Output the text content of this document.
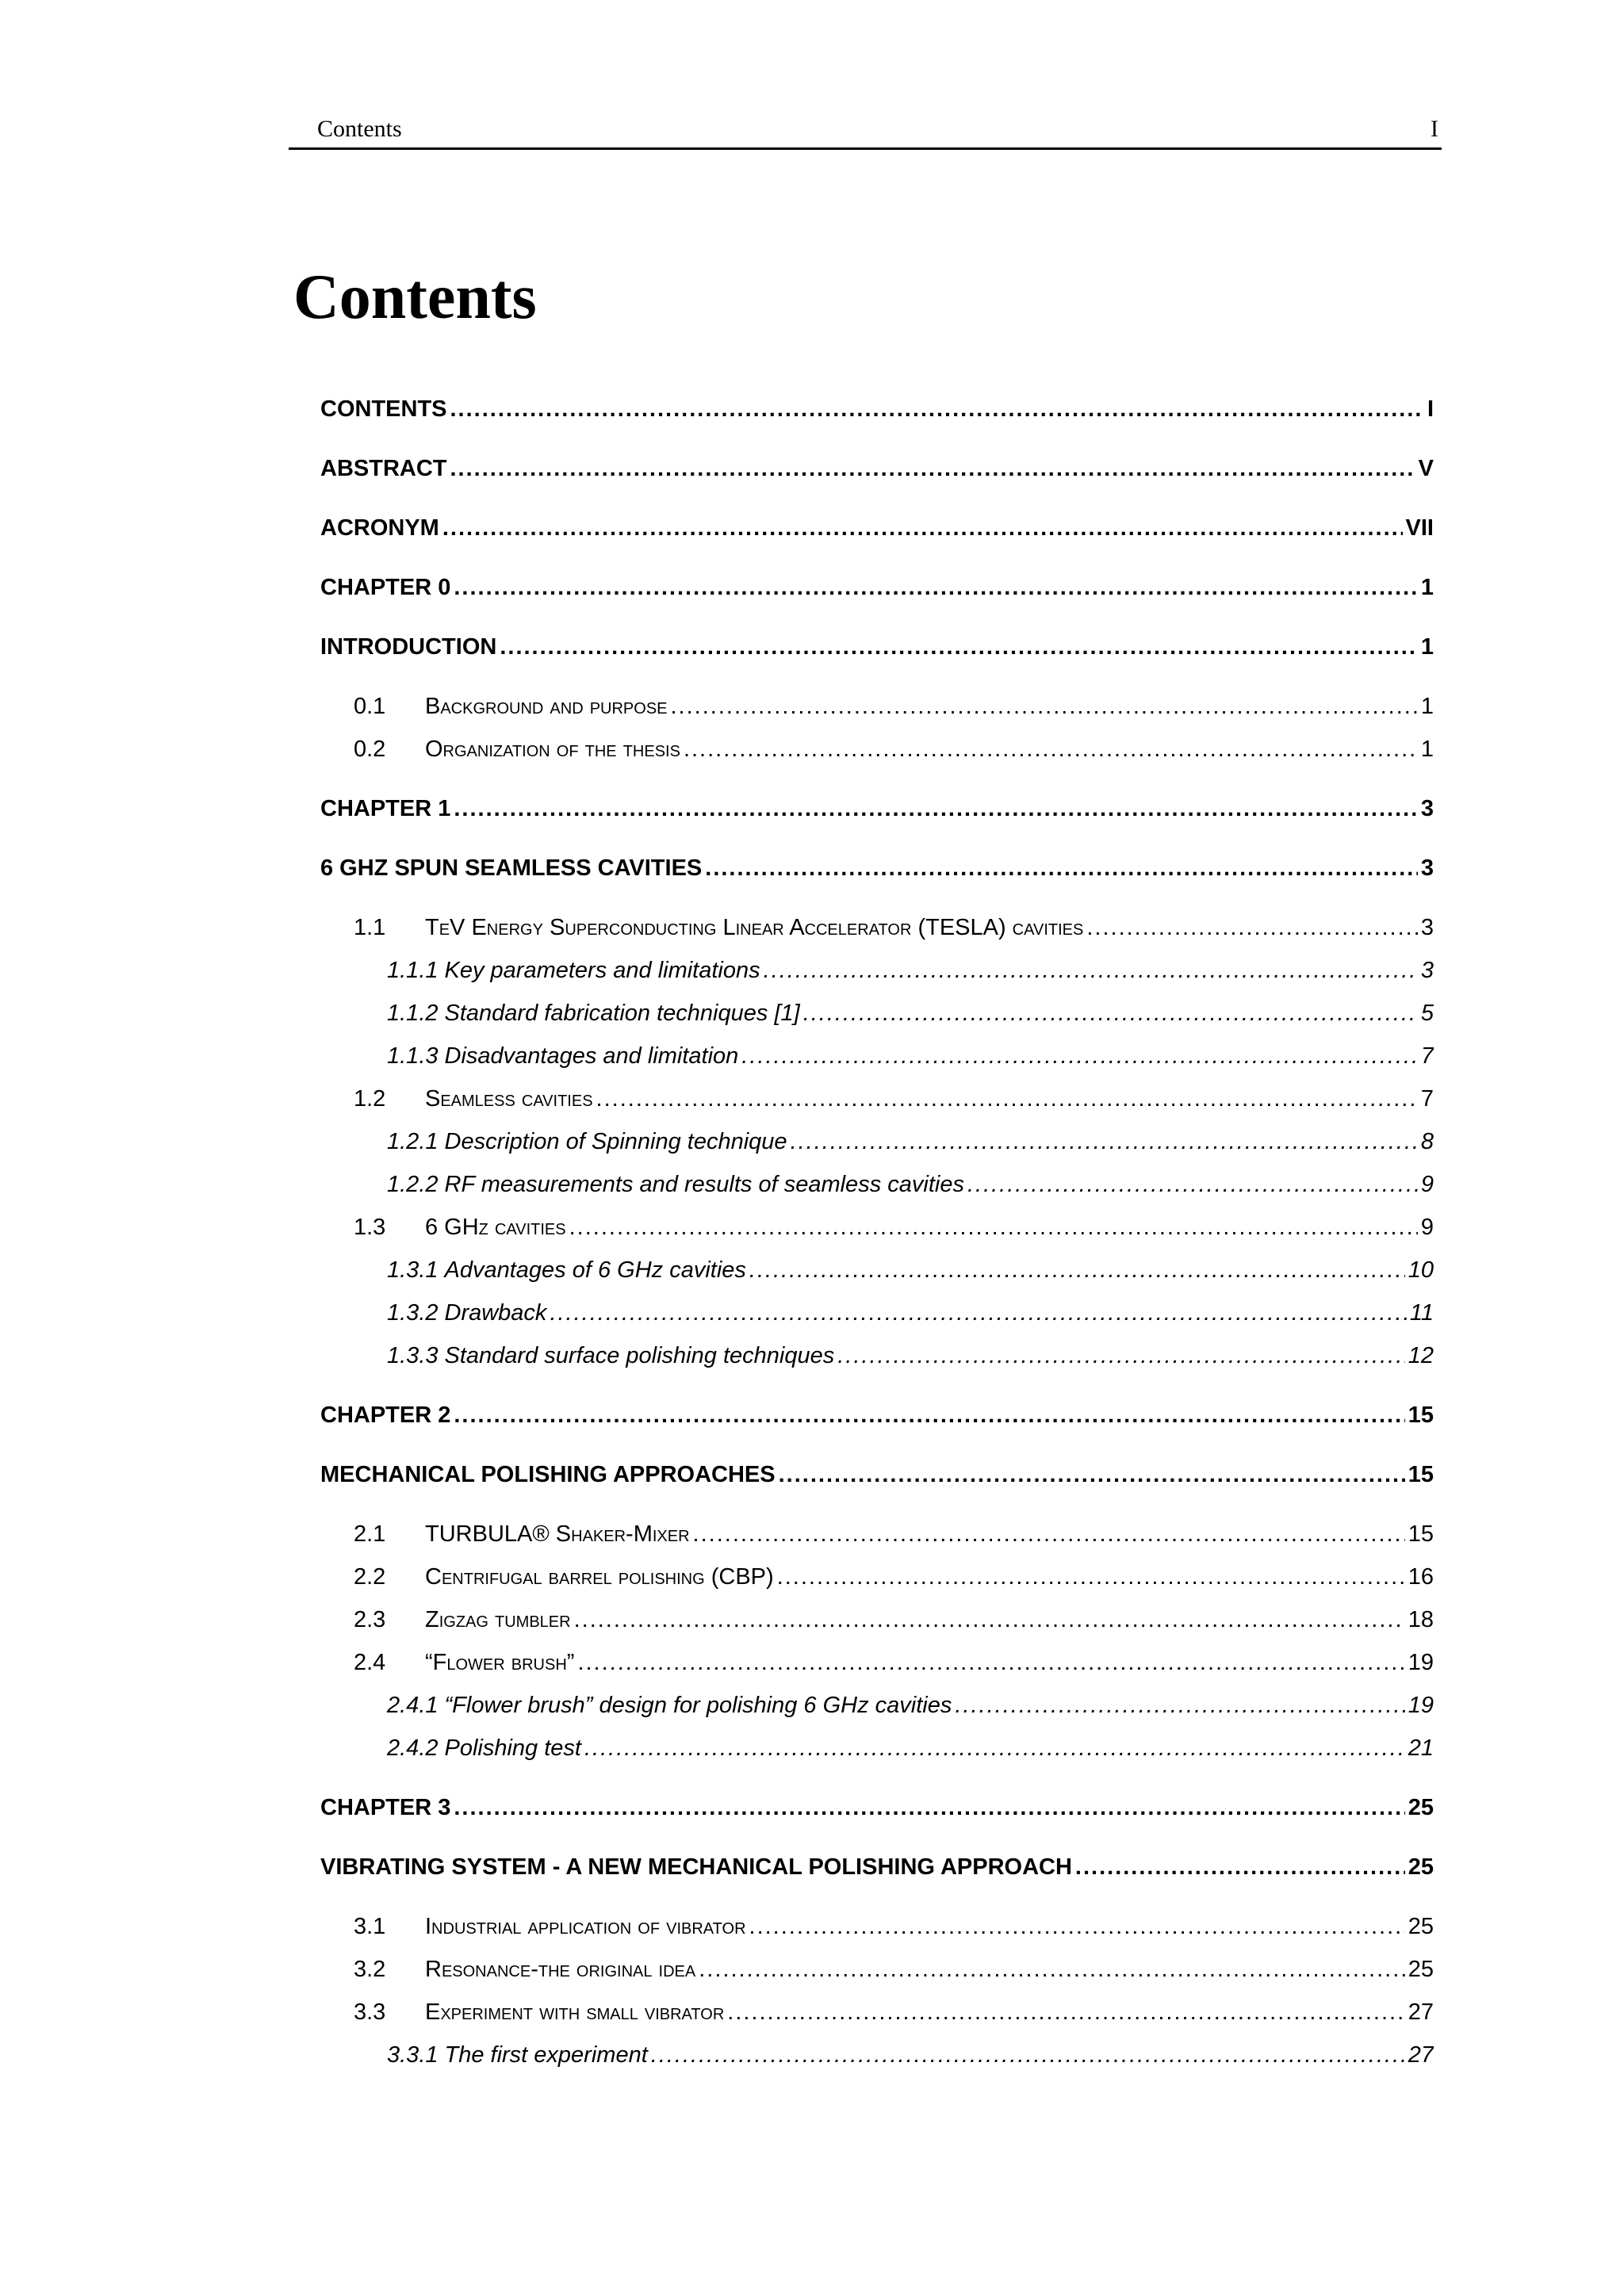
Contents	I
Contents
CONTENTS .....	I
ABSTRACT .....	V
ACRONYM .....	VII
CHAPTER 0 .....	1
INTRODUCTION .....	1
0.1	Background and purpose .....	1
0.2	Organization of the thesis .....	1
CHAPTER 1 .....	3
6 GHZ SPUN SEAMLESS CAVITIES .....	3
1.1	TeV Energy Superconducting Linear Accelerator (TESLA) cavities .....	3
1.1.1 Key parameters and limitations .....	3
1.1.2 Standard fabrication techniques [1] .....	5
1.1.3 Disadvantages and limitation .....	7
1.2	Seamless cavities .....	7
1.2.1 Description of Spinning technique .....	8
1.2.2 RF measurements and results of seamless cavities .....	9
1.3	6 GHz cavities .....	9
1.3.1 Advantages of 6 GHz cavities .....	10
1.3.2 Drawback .....	11
1.3.3 Standard surface polishing techniques .....	12
CHAPTER 2 .....	15
MECHANICAL POLISHING APPROACHES .....	15
2.1	TURBULA® Shaker-Mixer .....	15
2.2	Centrifugal barrel polishing (CBP) .....	16
2.3	Zigzag tumbler .....	18
2.4	“Flower brush” .....	19
2.4.1 “Flower brush” design for polishing 6 GHz cavities .....	19
2.4.2 Polishing test .....	21
CHAPTER 3 .....	25
VIBRATING SYSTEM - A NEW MECHANICAL POLISHING APPROACH .....	25
3.1	Industrial application of vibrator .....	25
3.2	Resonance-the original idea .....	25
3.3	Experiment with small vibrator .....	27
3.3.1 The first experiment .....	27
